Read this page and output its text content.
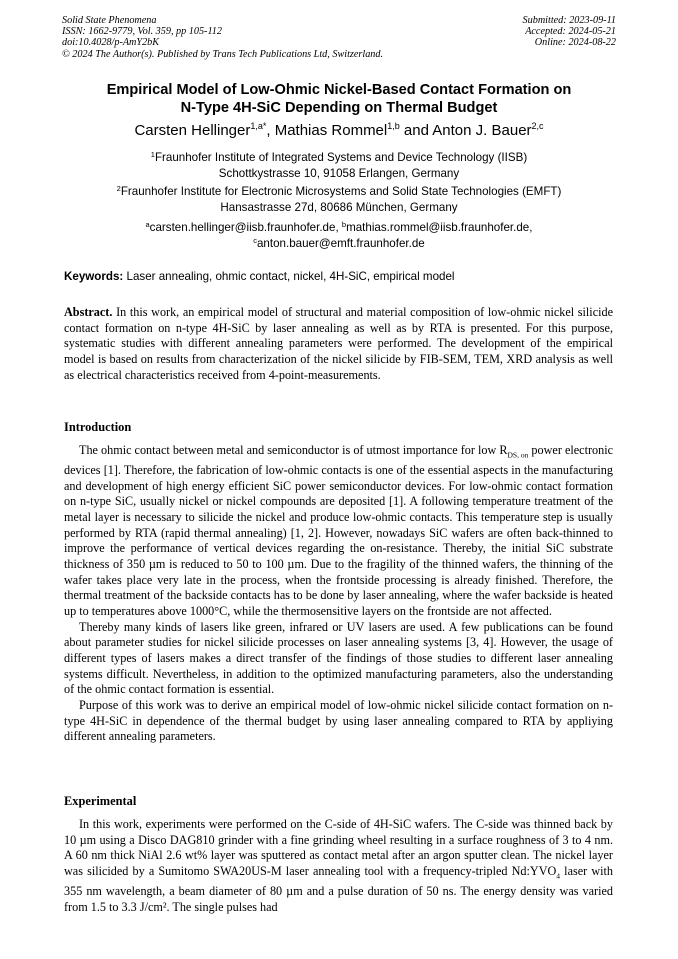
Solid State Phenomena
ISSN: 1662-9779, Vol. 359, pp 105-112
doi:10.4028/p-AmY2bK
© 2024 The Author(s). Published by Trans Tech Publications Ltd, Switzerland.
Submitted: 2023-09-11
Accepted: 2024-05-21
Online: 2024-08-22
Empirical Model of Low-Ohmic Nickel-Based Contact Formation on
N-Type 4H-SiC Depending on Thermal Budget
Carsten Hellinger$^{1,a*}$, Mathias Rommel$^{1,b}$ and Anton J. Bauer$^{2,c}$
$^1$Fraunhofer Institute of Integrated Systems and Device Technology (IISB)
Schottkystrasse 10, 91058 Erlangen, Germany
$^2$Fraunhofer Institute for Electronic Microsystems and Solid State Technologies (EMFT)
Hansastrasse 27d, 80686 München, Germany
$^a$carsten.hellinger@iisb.fraunhofer.de, $^b$mathias.rommel@iisb.fraunhofer.de,
$^c$anton.bauer@emft.fraunhofer.de
Keywords: Laser annealing, ohmic contact, nickel, 4H-SiC, empirical model

Abstract. In this work, an empirical model of structural and material composition of low-ohmic nickel silicide contact formation on n-type 4H-SiC by laser annealing as well as by RTA is presented. For this purpose, systematic studies with different annealing parameters were performed. The development of the empirical model is based on results from characterization of the nickel silicide by FIB-SEM, TEM, XRD analysis as well as electrical characteristics received from 4-point-measurements.

Introduction

The ohmic contact between metal and semiconductor is of utmost importance for low $R_{DS, on}$ power electronic devices [1]. Therefore, the fabrication of low-ohmic contacts is one of the essential aspects in the manufacturing and development of high energy efficient SiC power semiconductor devices. For low-ohmic contact formation on n-type SiC, usually nickel or nickel compounds are deposited [1]. A following temperature treatment of the metal layer is necessary to silicide the nickel and produce low-ohmic contacts. This temperature step is usually performed by RTA (rapid thermal annealing) [1, 2]. However, nowadays SiC wafers are often back-thinned to improve the performance of vertical devices regarding the on-resistance. Thereby, the initial SiC substrate thickness of 350 µm is reduced to 50 to 100 µm. Due to the fragility of the thinned wafers, the thinning of the wafer takes place very late in the process, when the frontside processing is already finished. Therefore, the thermal treatment of the backside contacts has to be done by laser annealing, where the wafer backside is heated up to temperatures above 1000°C, while the thermosensitive layers on the frontside are not affected.

Thereby many kinds of lasers like green, infrared or UV lasers are used. A few publications can be found about parameter studies for nickel silicide processes on laser annealing systems [3, 4]. However, the usage of different types of lasers makes a direct transfer of the findings of those studies to different laser annealing systems difficult. Nevertheless, in addition to the optimized manufacturing parameters, also the understanding of the ohmic contact formation is essential.

Purpose of this work was to derive an empirical model of low-ohmic nickel silicide contact formation on n-type 4H-SiC in dependence of the thermal budget by using laser annealing compared to RTA by appliying different annealing parameters.

Experimental

In this work, experiments were performed on the C-side of 4H-SiC wafers. The C-side was thinned back by 10 µm using a Disco DAG810 grinder with a fine grinding wheel resulting in a surface roughness of 3 to 4 nm. A 60 nm thick NiAl 2.6 wt% layer was sputtered as contact metal after an argon sputter clean. The nickel layer was silicided by a Sumitomo SWA20US-M laser annealing tool with a frequency-tripled $Nd:YVO_4$ laser with 355 nm wavelength, a beam diameter of 80 µm and a pulse duration of 50 ns. The energy density was varied from 1.5 to 3.3 J/cm². The single pulses had
